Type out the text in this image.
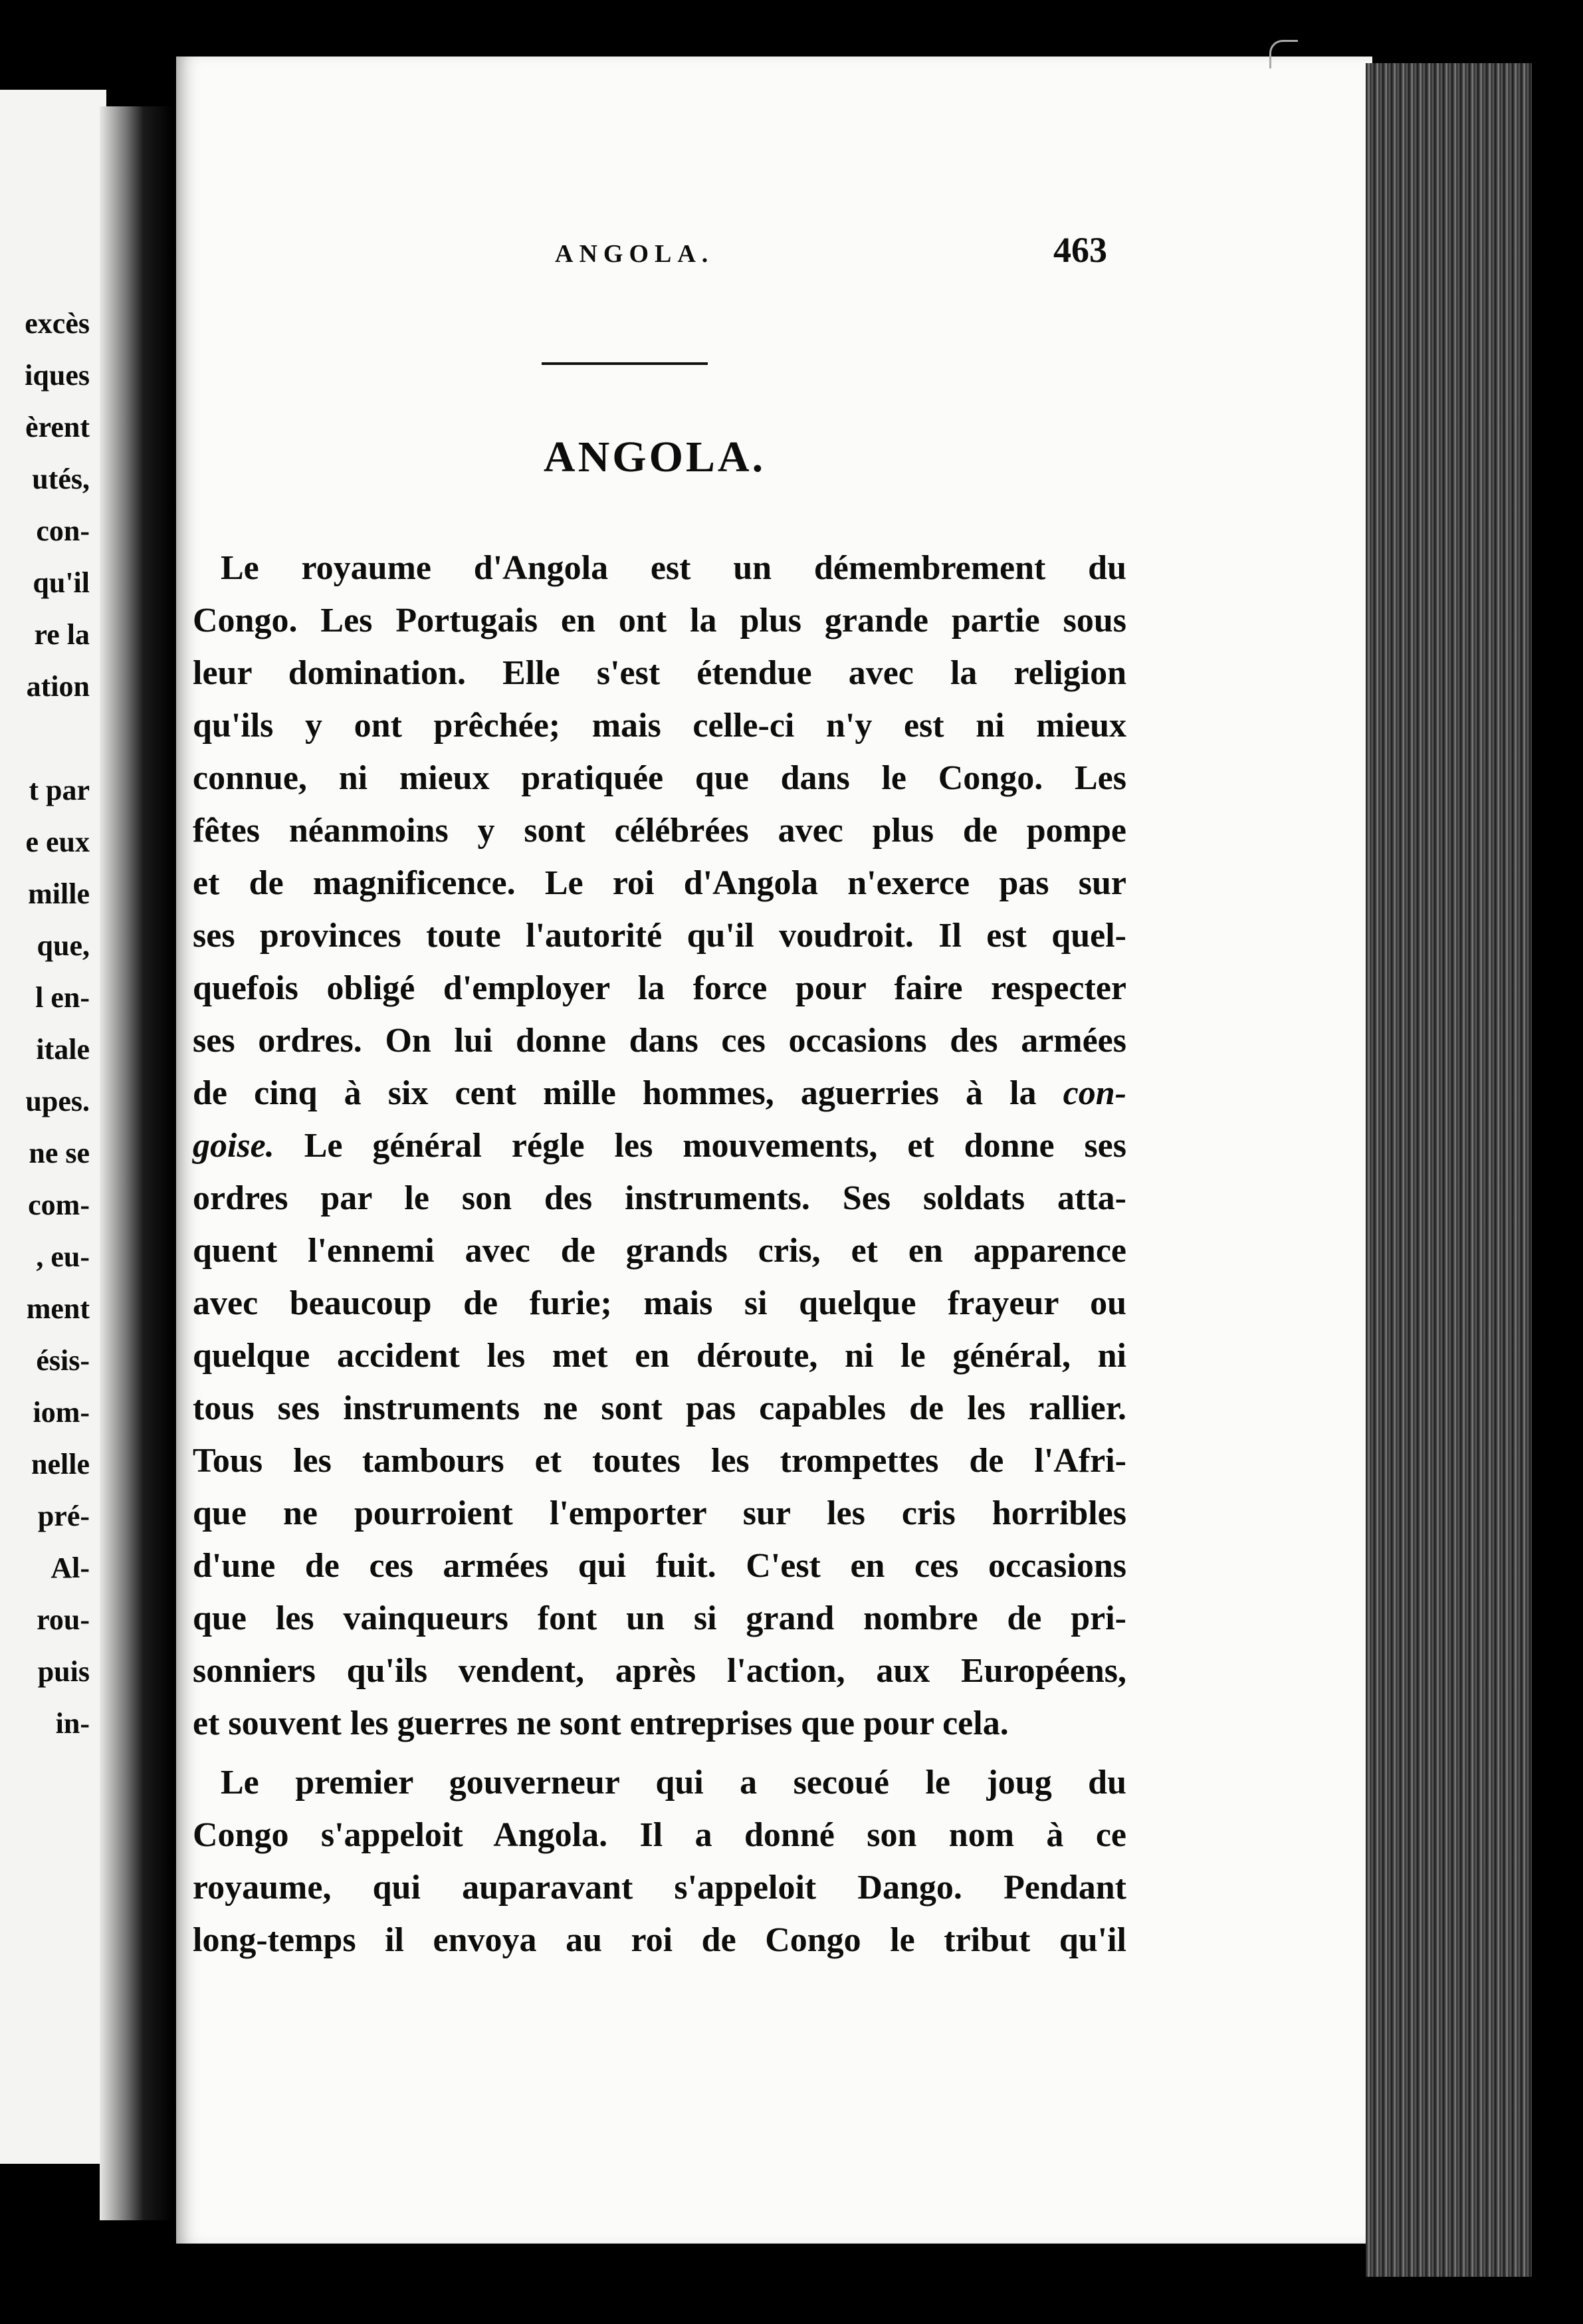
excès
iques
èrent
utés,
con-
qu'il
re la
ation
t par
e eux
mille
que,
l en-
itale
upes.
ne se
com-
, eu-
ment
ésis-
iom-
nelle
pré-
Al-
rou-
puis
in-
ANGOLA.	463
ANGOLA.
Le royaume d'Angola est un démembrement du
Congo. Les Portugais en ont la plus grande partie sous
leur domination. Elle s'est étendue avec la religion
qu'ils y ont prêchée; mais celle-ci n'y est ni mieux
connue, ni mieux pratiquée que dans le Congo. Les
fêtes néanmoins y sont célébrées avec plus de pompe
et de magnificence. Le roi d'Angola n'exerce pas sur
ses provinces toute l'autorité qu'il voudroit. Il est quel-
quefois obligé d'employer la force pour faire respecter
ses ordres. On lui donne dans ces occasions des armées
de cinq à six cent mille hommes, aguerries à la con-
goise. Le général régle les mouvements, et donne ses
ordres par le son des instruments. Ses soldats atta-
quent l'ennemi avec de grands cris, et en apparence
avec beaucoup de furie; mais si quelque frayeur ou
quelque accident les met en déroute, ni le général, ni
tous ses instruments ne sont pas capables de les rallier.
Tous les tambours et toutes les trompettes de l'Afri-
que ne pourroient l'emporter sur les cris horribles
d'une de ces armées qui fuit. C'est en ces occasions
que les vainqueurs font un si grand nombre de pri-
sonniers qu'ils vendent, après l'action, aux Européens,
et souvent les guerres ne sont entreprises que pour cela.
Le premier gouverneur qui a secoué le joug du
Congo s'appeloit Angola. Il a donné son nom à ce
royaume, qui auparavant s'appeloit Dango. Pendant
long-temps il envoya au roi de Congo le tribut qu'il
Angola.
